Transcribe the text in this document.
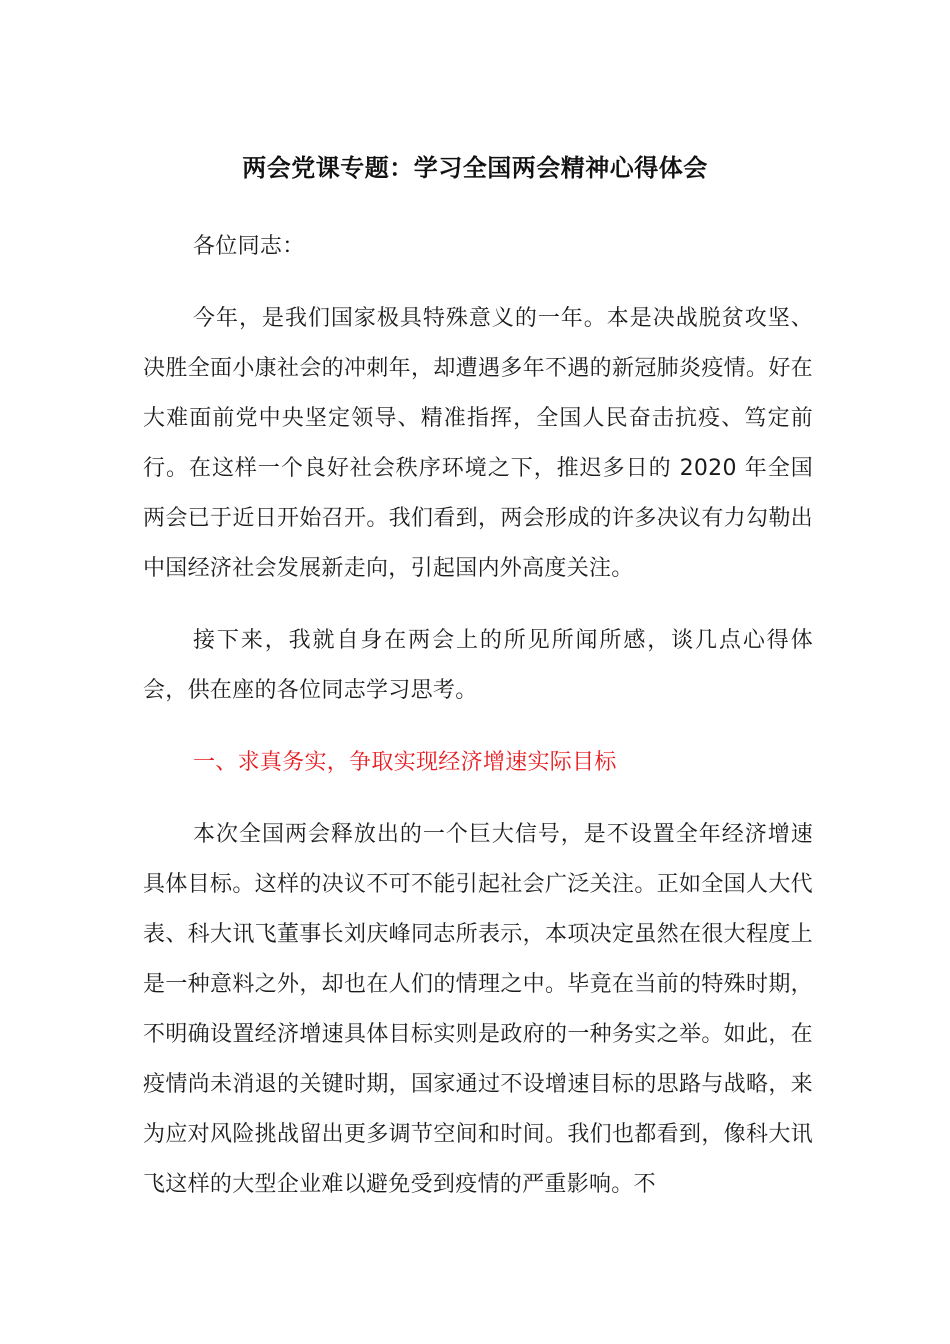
两会党课专题：学习全国两会精神心得体会

各位同志：

今年，是我们国家极具特殊意义的一年。本是决战脱贫攻坚、决胜全面小康社会的冲刺年，却遭遇多年不遇的新冠肺炎疫情。好在大难面前党中央坚定领导、精准指挥，全国人民奋击抗疫、笃定前行。在这样一个良好社会秩序环境之下，推迟多日的 2020 年全国两会已于近日开始召开。我们看到，两会形成的许多决议有力勾勒出中国经济社会发展新走向，引起国内外高度关注。

接下来，我就自身在两会上的所见所闻所感，谈几点心得体会，供在座的各位同志学习思考。

一、求真务实，争取实现经济增速实际目标

本次全国两会释放出的一个巨大信号，是不设置全年经济增速具体目标。这样的决议不可不能引起社会广泛关注。正如全国人大代表、科大讯飞董事长刘庆峰同志所表示，本项决定虽然在很大程度上是一种意料之外，却也在人们的情理之中。毕竟在当前的特殊时期，不明确设置经济增速具体目标实则是政府的一种务实之举。如此，在疫情尚未消退的关键时期，国家通过不设增速目标的思路与战略，来为应对风险挑战留出更多调节空间和时间。我们也都看到，像科大讯飞这样的大型企业难以避免受到疫情的严重影响。不
